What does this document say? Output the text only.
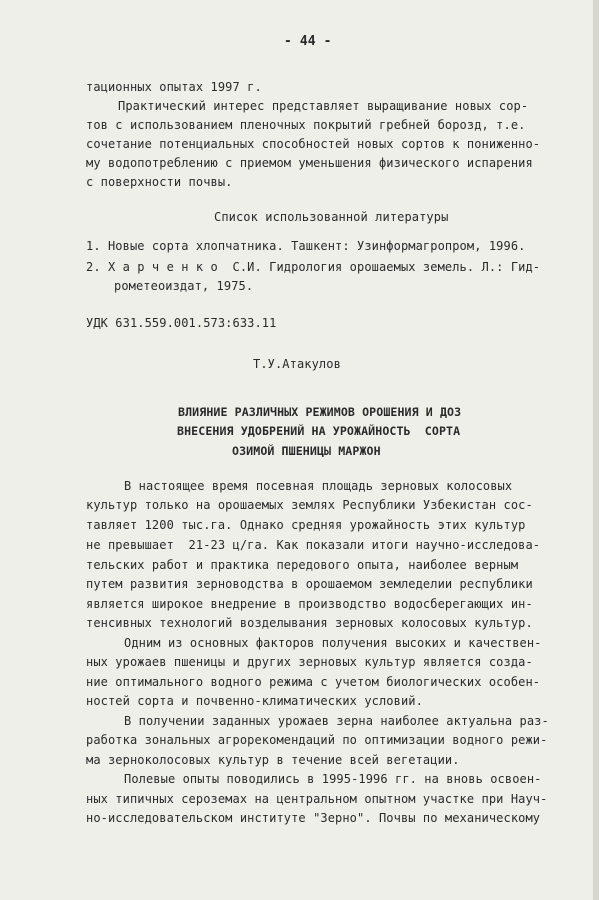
- 44 -
тационных опытах 1997 г.
Практический интерес представляет выращивание новых сор-
тов с использованием пленочных покрытий гребней борозд, т.е.
сочетание потенциальных способностей новых сортов к пониженно-
му водопотреблению с приемом уменьшения физического испарения
с поверхности почвы.
Список использованной литературы
1. Новые сорта хлопчатника. Ташкент: Узинформагропром, 1996.
2. Х а р ч е н к о  С.И. Гидрология орошаемых земель. Л.: Гид-
рометеоиздат, 1975.
УДК 631.559.001.573:633.11
Т.У.Атакулов
ВЛИЯНИЕ РАЗЛИЧНЫХ РЕЖИМОВ ОРОШЕНИЯ И ДОЗ
ВНЕСЕНИЯ УДОБРЕНИЙ НА УРОЖАЙНОСТЬ  СОРТА
ОЗИМОЙ ПШЕНИЦЫ МАРЖОН
В настоящее время посевная площадь зерновых колосовых
культур только на орошаемых землях Республики Узбекистан сос-
тавляет 1200 тыс.га. Однако средняя урожайность этих культур
не превышает  21-23 ц/га. Как показали итоги научно-исследова-
тельских работ и практика передового опыта, наиболее верным
путем развития зерноводства в орошаемом земледелии республики
является широкое внедрение в производство водосберегающих ин-
тенсивных технологий возделывания зерновых колосовых культур.
Одним из основных факторов получения высоких и качествен-
ных урожаев пшеницы и других зерновых культур является созда-
ние оптимального водного режима с учетом биологических особен-
ностей сорта и почвенно-климатических условий.
В получении заданных урожаев зерна наиболее актуальна раз-
работка зональных агрорекомендаций по оптимизации водного режи-
ма зерноколосовых культур в течение всей вегетации.
Полевые опыты поводились в 1995-1996 гг. на вновь освоен-
ных типичных сероземах на центральном опытном участке при Науч-
но-исследовательском институте "Зерно". Почвы по механическому
